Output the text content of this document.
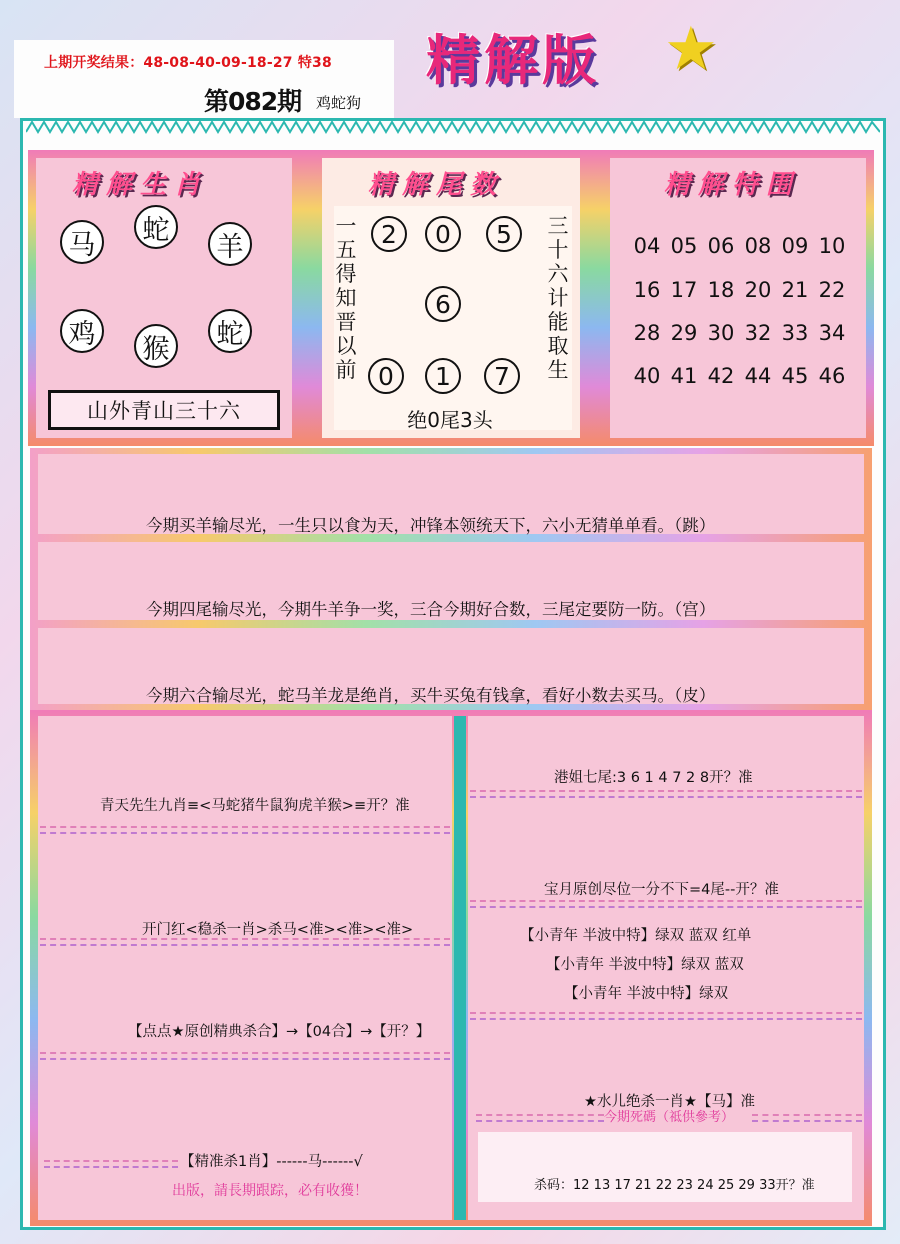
上期开奖结果：48-08-40-09-18-27 特38
第082期 鸡蛇狗
精解版 ★
精解生肖
马	蛇
羊
鸡	猴	蛇
山外青山三十六
精解尾数
2	0	5
6
0	1	7
一五得知晋以前
三十六计能取生
绝0尾3头
精解特围
04 05 06 08 09 10
16 17 18 20 21 22
28 29 30 32 33 34
40 41 42 44 45 46
今期买羊输尽光，一生只以食为天，冲锋本领统天下，六小无猜单单看。（跳）
今期四尾输尽光，今期牛羊争一奖，三合今期好合数，三尾定要防一防。（宫）
今期六合输尽光，蛇马羊龙是绝肖，买牛买兔有钱拿，看好小数去买马。（皮）
青天先生九肖≡<马蛇猪牛鼠狗虎羊猴>≡开？准
开门红<稳杀一肖>杀马<准><准><准>
【点点★原创精典杀合】→【04合】→【开？】
【精准杀1肖】------马------√
出版，請長期跟踪，必有收獲！
港姐七尾:3 6 1 4 7 2 8开？准
宝月原创尽位一分不下=4尾--开？准
【小青年 半波中特】绿双 蓝双 红单
【小青年 半波中特】绿双 蓝双
【小青年 半波中特】绿双
★水儿绝杀一肖★【马】准
今期死碼（祗供參考）
杀码：12 13 17 21 22 23 24 25 29 33开？准
